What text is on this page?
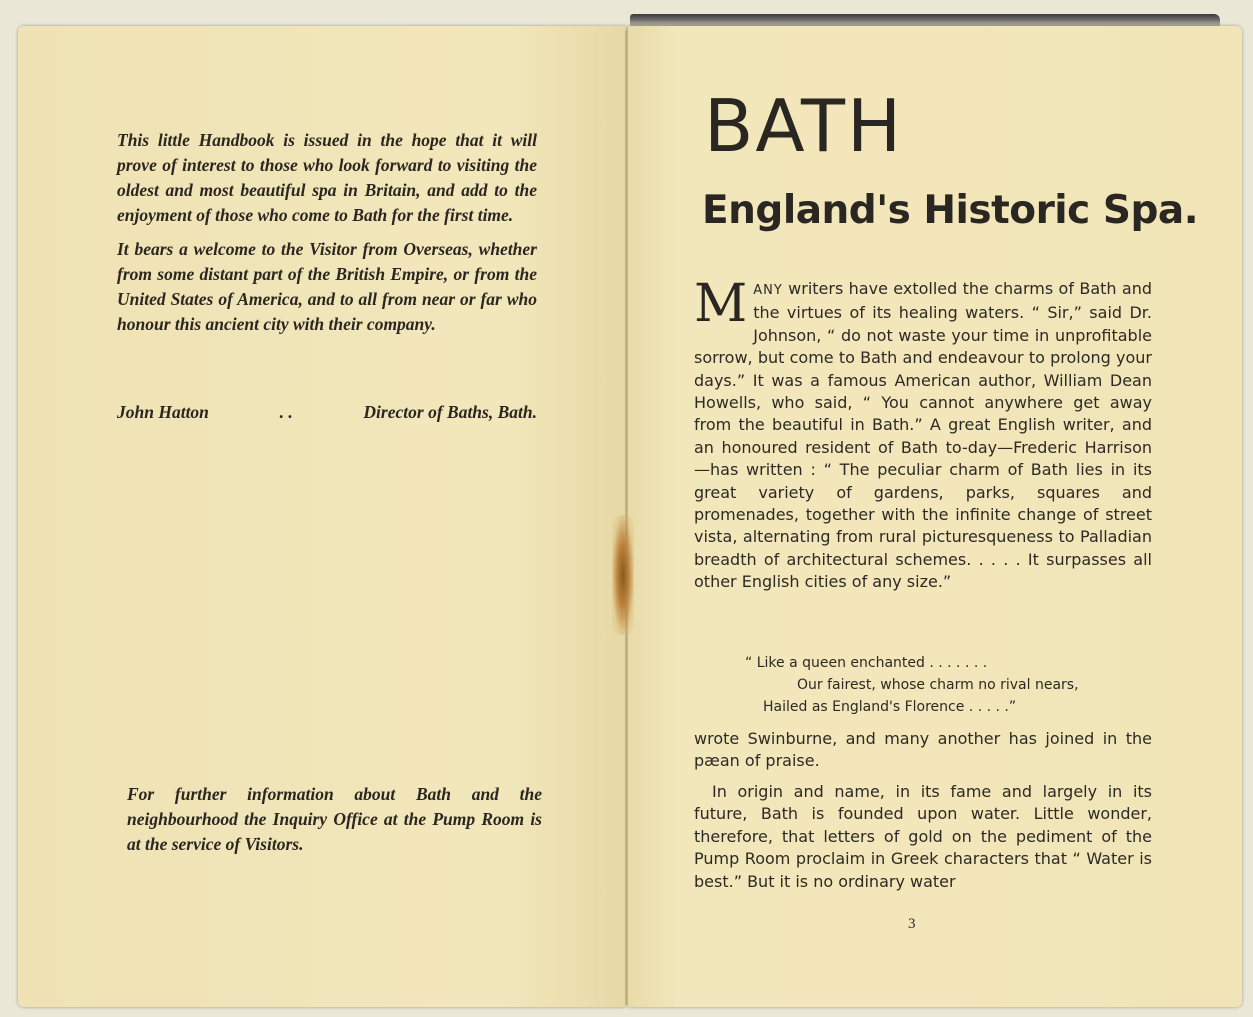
This little Handbook is issued in the hope that it will prove of interest to those who look forward to visiting the oldest and most beautiful spa in Britain, and add to the enjoyment of those who come to Bath for the first time.

It bears a welcome to the Visitor from Overseas, whether from some distant part of the British Empire, or from the United States of America, and to all from near or far who honour this ancient city with their company.

John Hatton	. .	Director of Baths, Bath.

For further information about Bath and the neighbourhood the Inquiry Office at the Pump Room is at the service of Visitors.

BATH
England's Historic Spa.
MANY writers have extolled the charms of Bath and the virtues of its healing waters. “ Sir,” said Dr. Johnson, “ do not waste your time in unprofitable sorrow, but come to Bath and endeavour to prolong your days.” It was a famous American author, William Dean Howells, who said, “ You cannot anywhere get away from the beautiful in Bath.” A great English writer, and an honoured resident of Bath to-day—Frederic Harrison—has written : “ The peculiar charm of Bath lies in its great variety of gardens, parks, squares and promenades, together with the infinite change of street vista, alternating from rural picturesqueness to Palladian breadth of architectural schemes. . . . . It surpasses all other English cities of any size.”
“ Like a queen enchanted . . . . . . .
Our fairest, whose charm no rival nears,
Hailed as England's Florence . . . . .”
wrote Swinburne, and many another has joined in the pæan of praise.
In origin and name, in its fame and largely in its future, Bath is founded upon water. Little wonder, therefore, that letters of gold on the pediment of the Pump Room proclaim in Greek characters that “ Water is best.” But it is no ordinary water
3
